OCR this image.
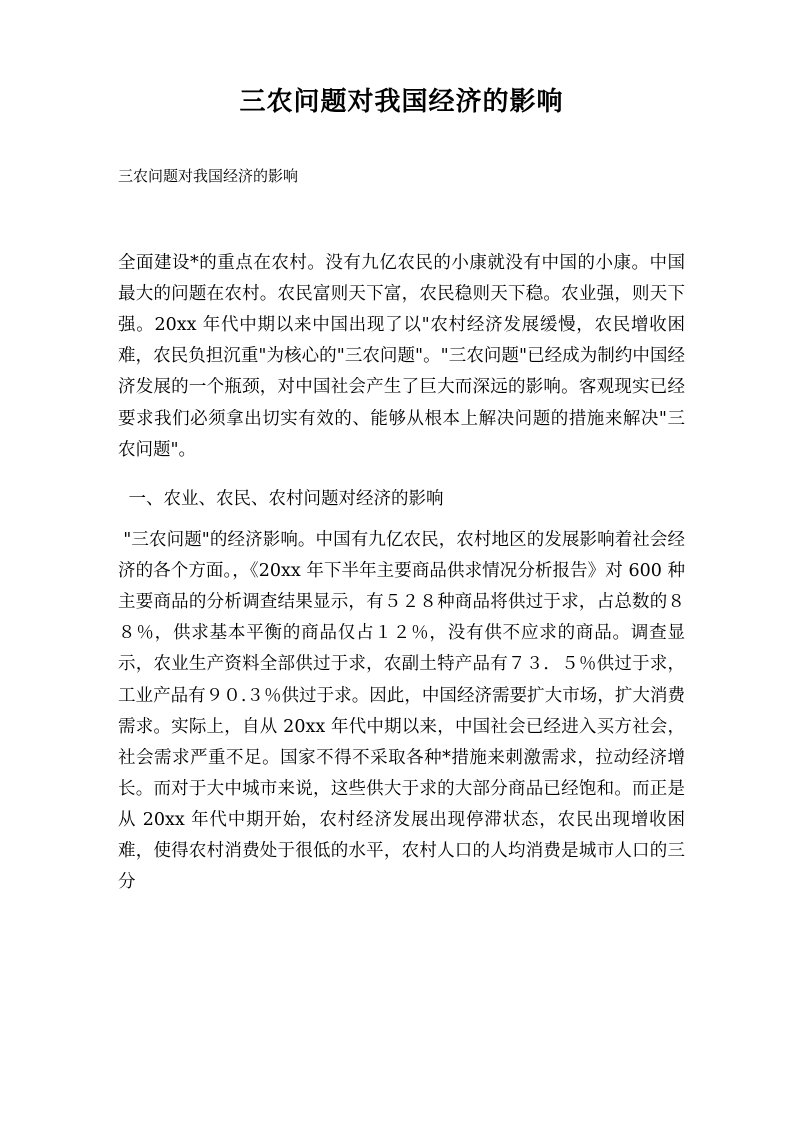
三农问题对我国经济的影响

三农问题对我国经济的影响

全面建设*的重点在农村。没有九亿农民的小康就没有中国的小康。中国最大的问题在农村。农民富则天下富，农民稳则天下稳。农业强，则天下强。20xx 年代中期以来中国出现了以"农村经济发展缓慢，农民增收困难，农民负担沉重"为核心的"三农问题"。"三农问题"已经成为制约中国经济发展的一个瓶颈，对中国社会产生了巨大而深远的影响。客观现实已经要求我们必须拿出切实有效的、能够从根本上解决问题的措施来解决"三农问题"。

一、农业、农民、农村问题对经济的影响

"三农问题"的经济影响。中国有九亿农民，农村地区的发展影响着社会经济的各个方面。，《20xx 年下半年主要商品供求情况分析报告》对 600 种主要商品的分析调查结果显示，有５２８种商品将供过于求，占总数的８８％，供求基本平衡的商品仅占１２％，没有供不应求的商品。调查显示，农业生产资料全部供过于求，农副土特产品有７３．５％供过于求，工业产品有９０.３％供过于求。因此，中国经济需要扩大市场，扩大消费需求。实际上，自从 20xx 年代中期以来，中国社会已经进入买方社会，社会需求严重不足。国家不得不采取各种*措施来刺激需求，拉动经济增长。而对于大中城市来说，这些供大于求的大部分商品已经饱和。而正是从 20xx 年代中期开始，农村经济发展出现停滞状态，农民出现增收困难，使得农村消费处于很低的水平，农村人口的人均消费是城市人口的三分
